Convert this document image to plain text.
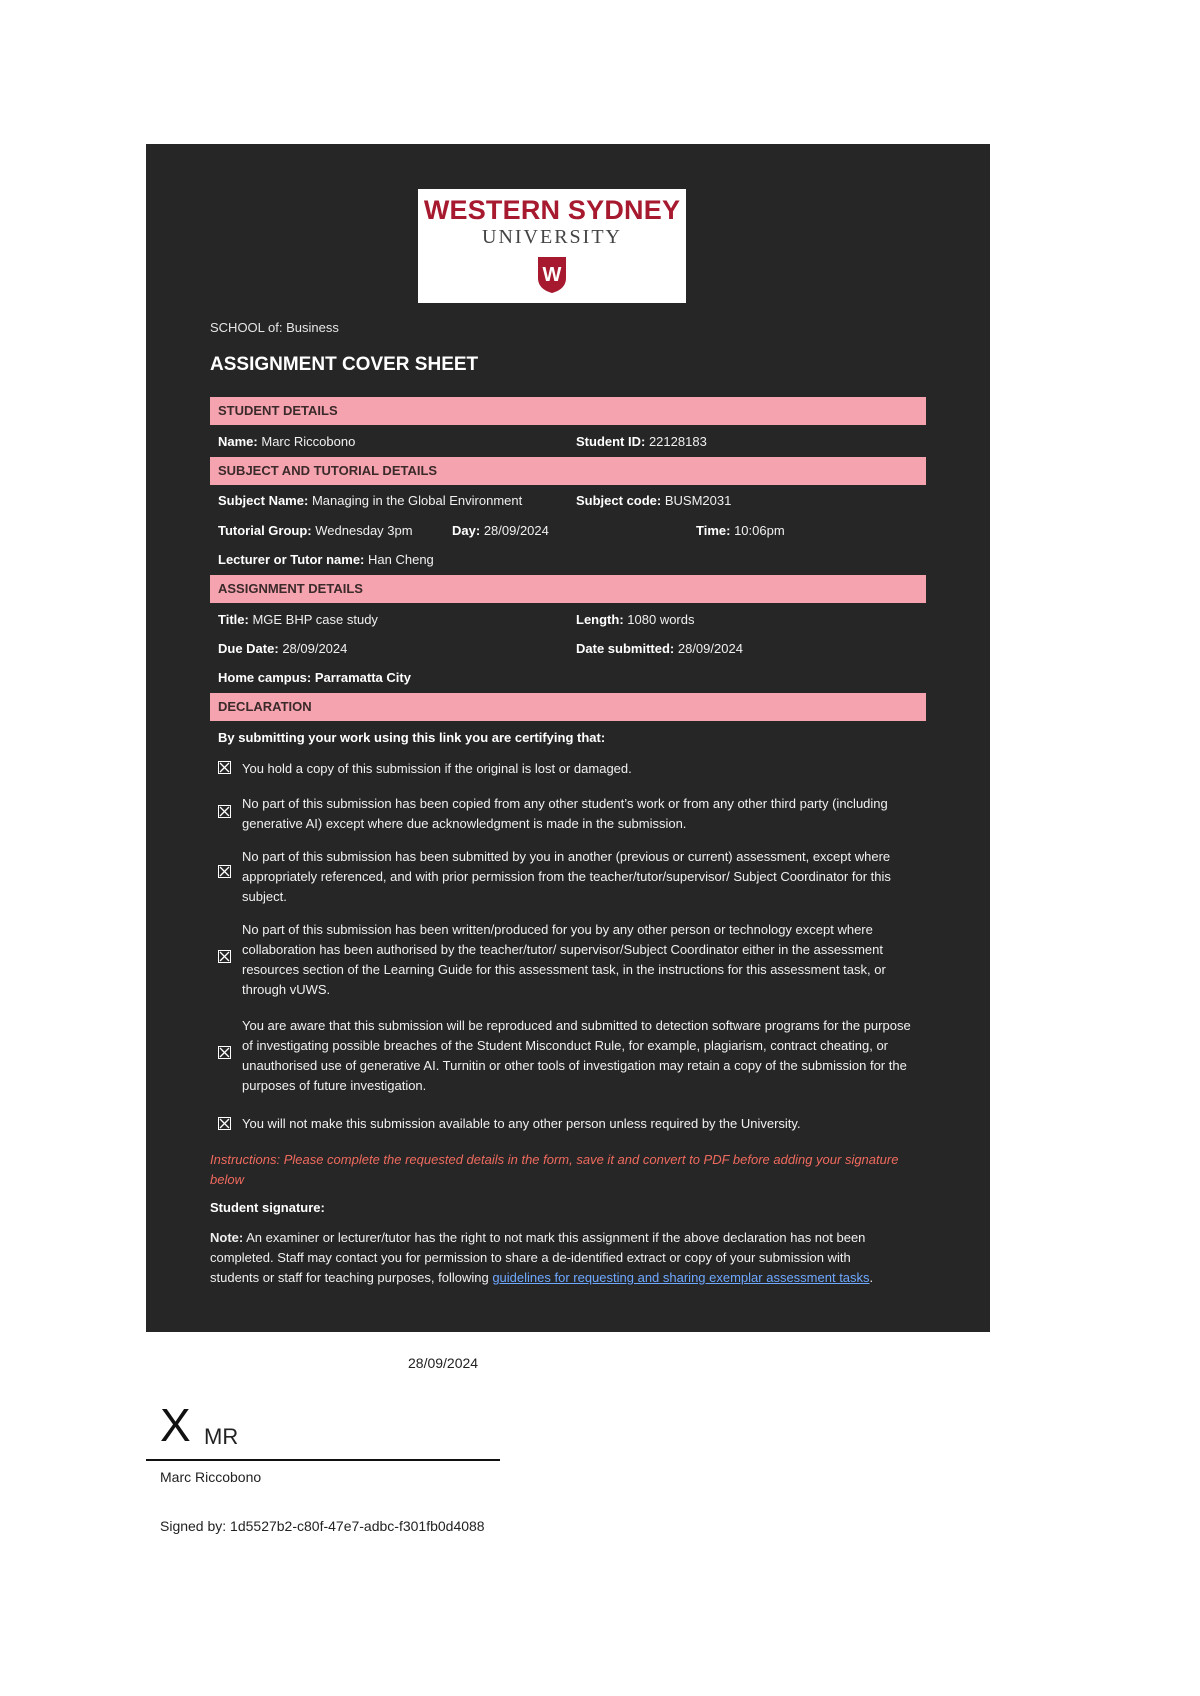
WESTERN SYDNEY
UNIVERSITY
W
SCHOOL of: Business
ASSIGNMENT COVER SHEET
STUDENT DETAILS
Name: Marc Riccobono	Student ID: 22128183
SUBJECT AND TUTORIAL DETAILS
Subject Name: Managing in the Global Environment	Subject code: BUSM2031
Tutorial Group: Wednesday 3pm	Day: 28/09/2024	Time: 10:06pm
Lecturer or Tutor name: Han Cheng
ASSIGNMENT DETAILS
Title: MGE BHP case study	Length: 1080 words
Due Date: 28/09/2024	Date submitted: 28/09/2024
Home campus: Parramatta City
DECLARATION
By submitting your work using this link you are certifying that:
You hold a copy of this submission if the original is lost or damaged.
No part of this submission has been copied from any other student’s work or from any other third party (including generative AI) except where due acknowledgment is made in the submission.
No part of this submission has been submitted by you in another (previous or current) assessment, except where appropriately referenced, and with prior permission from the teacher/tutor/supervisor/ Subject Coordinator for this subject.
No part of this submission has been written/produced for you by any other person or technology except where collaboration has been authorised by the teacher/tutor/ supervisor/Subject Coordinator either in the assessment resources section of the Learning Guide for this assessment task, in the instructions for this assessment task, or through vUWS.
You are aware that this submission will be reproduced and submitted to detection software programs for the purpose of investigating possible breaches of the Student Misconduct Rule, for example, plagiarism, contract cheating, or unauthorised use of generative AI. Turnitin or other tools of investigation may retain a copy of the submission for the purposes of future investigation.
You will not make this submission available to any other person unless required by the University.
Instructions: Please complete the requested details in the form, save it and convert to PDF before adding your signature below
Student signature:
Note: An examiner or lecturer/tutor has the right to not mark this assignment if the above declaration has not been completed. Staff may contact you for permission to share a de-identified extract or copy of your submission with students or staff for teaching purposes, following guidelines for requesting and sharing exemplar assessment tasks.
28/09/2024
X MR
Marc Riccobono
Signed by: 1d5527b2-c80f-47e7-adbc-f301fb0d4088
